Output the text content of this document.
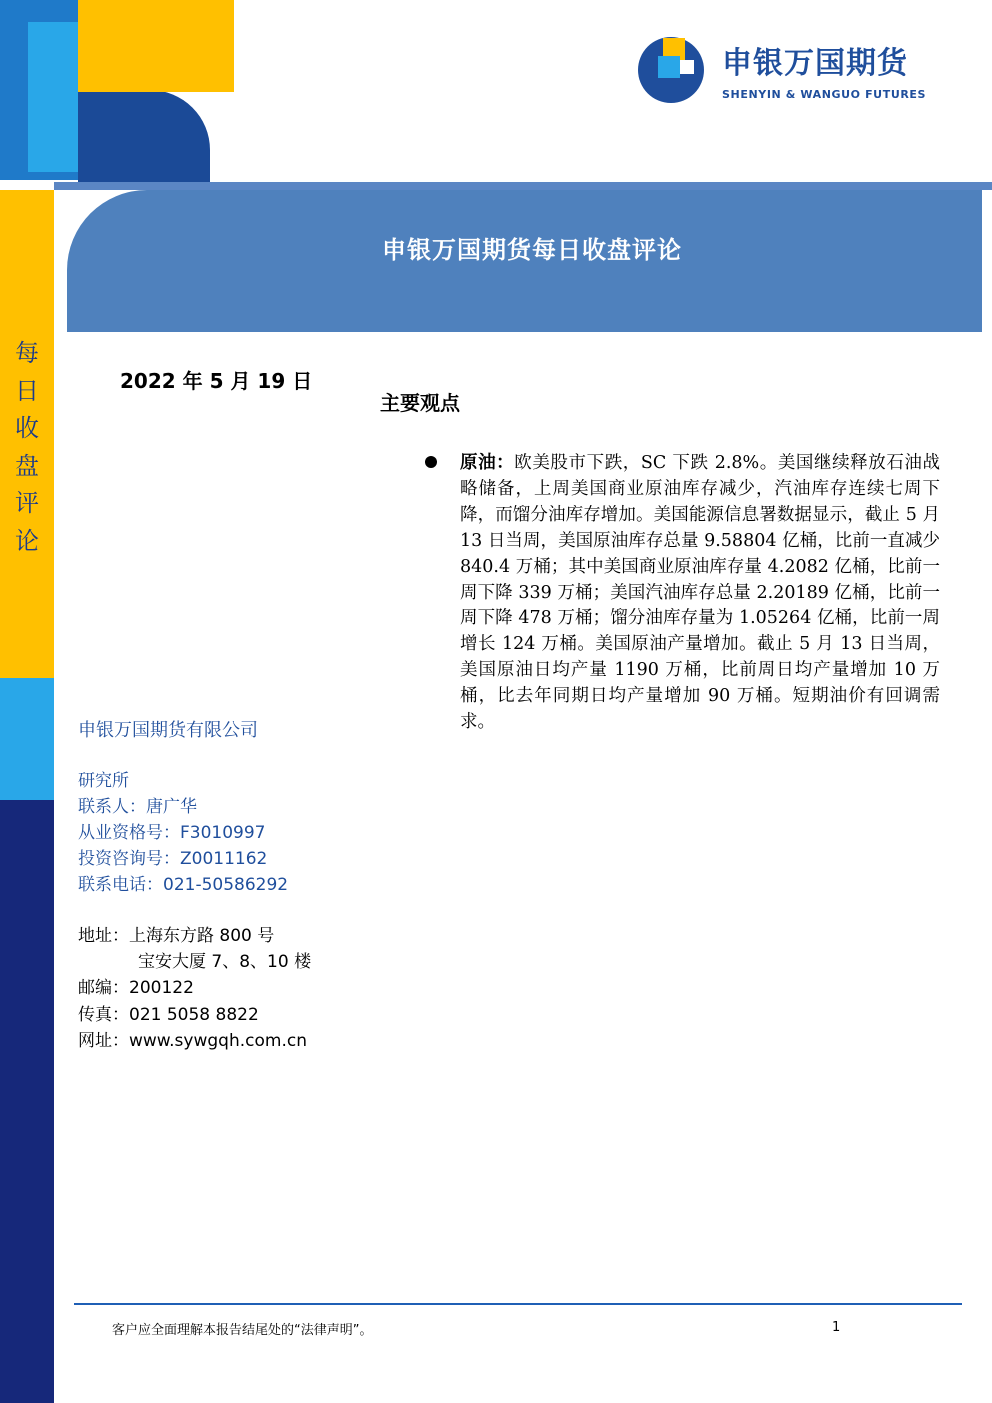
申银万国期货
SHENYIN & WANGUO FUTURES
申银万国期货每日收盘评论
每
日
收
盘
评
论
2022 年 5 月 19 日
主要观点
原油：欧美股市下跌，SC 下跌 2.8%。美国继续释放石油战略储备，上周美国商业原油库存减少，汽油库存连续七周下降，而馏分油库存增加。美国能源信息署数据显示，截止 5 月 13 日当周，美国原油库存总量 9.58804 亿桶，比前一直减少 840.4 万桶；其中美国商业原油库存量 4.2082 亿桶，比前一周下降 339 万桶；美国汽油库存总量 2.20189 亿桶，比前一周下降 478 万桶；馏分油库存量为 1.05264 亿桶，比前一周增长 124 万桶。美国原油产量增加。截止 5 月 13 日当周，美国原油日均产量 1190 万桶，比前周日均产量增加 10 万桶，比去年同期日均产量增加 90 万桶。短期油价有回调需求。
申银万国期货有限公司
研究所
联系人：唐广华
从业资格号：F3010997
投资咨询号：Z0011162
联系电话：021-50586292
地址：上海东方路 800 号
宝安大厦 7、8、10 楼
邮编：200122
传真：021 5058 8822
网址：www.sywgqh.com.cn
客户应全面理解本报告结尾处的“法律声明”。	1
